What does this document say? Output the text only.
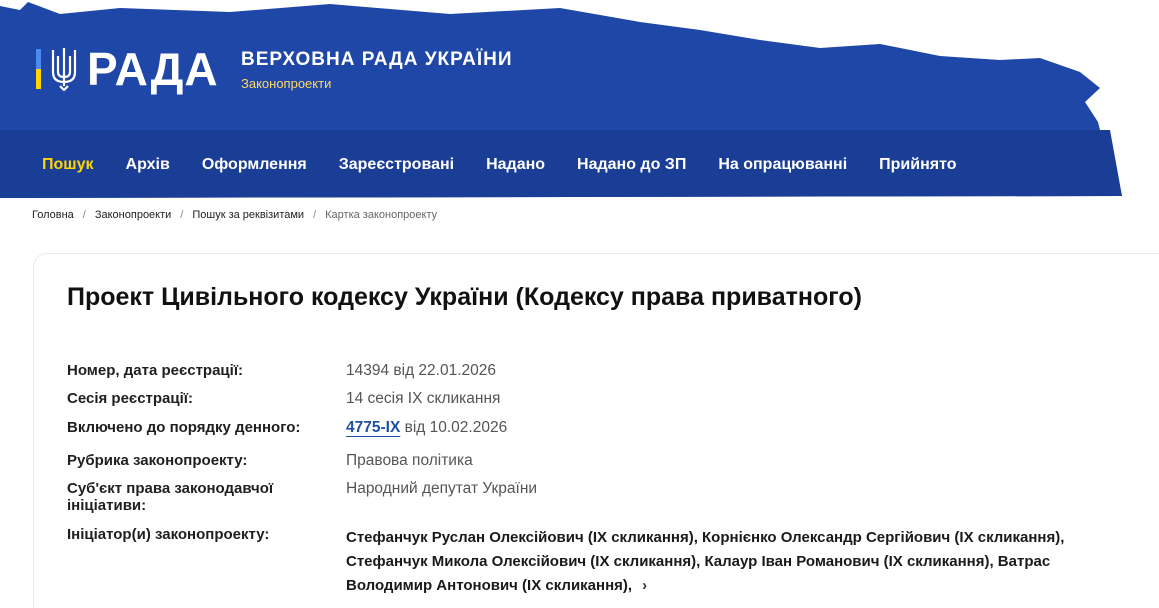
РАДА ВЕРХОВНА РАДА УКРАЇНИ
Законопроекти
Пошук	Архів	Оформлення	Зареєстровані	Надано	Надано до ЗП	На опрацюванні	Прийнято
Головна / Законопроекти / Пошук за реквізитами / Картка законопроекту
Проект Цивільного кодексу України (Кодексу права приватного)
Номер, дата реєстрації:	14394 від 22.01.2026
Сесія реєстрації:	14 сесія IX скликання
Включено до порядку денного:	4775-IX від 10.02.2026
Рубрика законопроекту:	Правова політика
Суб'єкт права законодавчої ініціативи:
Народний депутат України
Ініціатор(и) законопроекту:	Стефанчук Руслан Олексійович (IX скликання), Корнієнко Олександр Сергійович (IX скликання), Стефанчук Микола Олексійович (IX скликання), Калаур Іван Романович (IX скликання), Ватрас Володимир Антонович (IX скликання), ›
